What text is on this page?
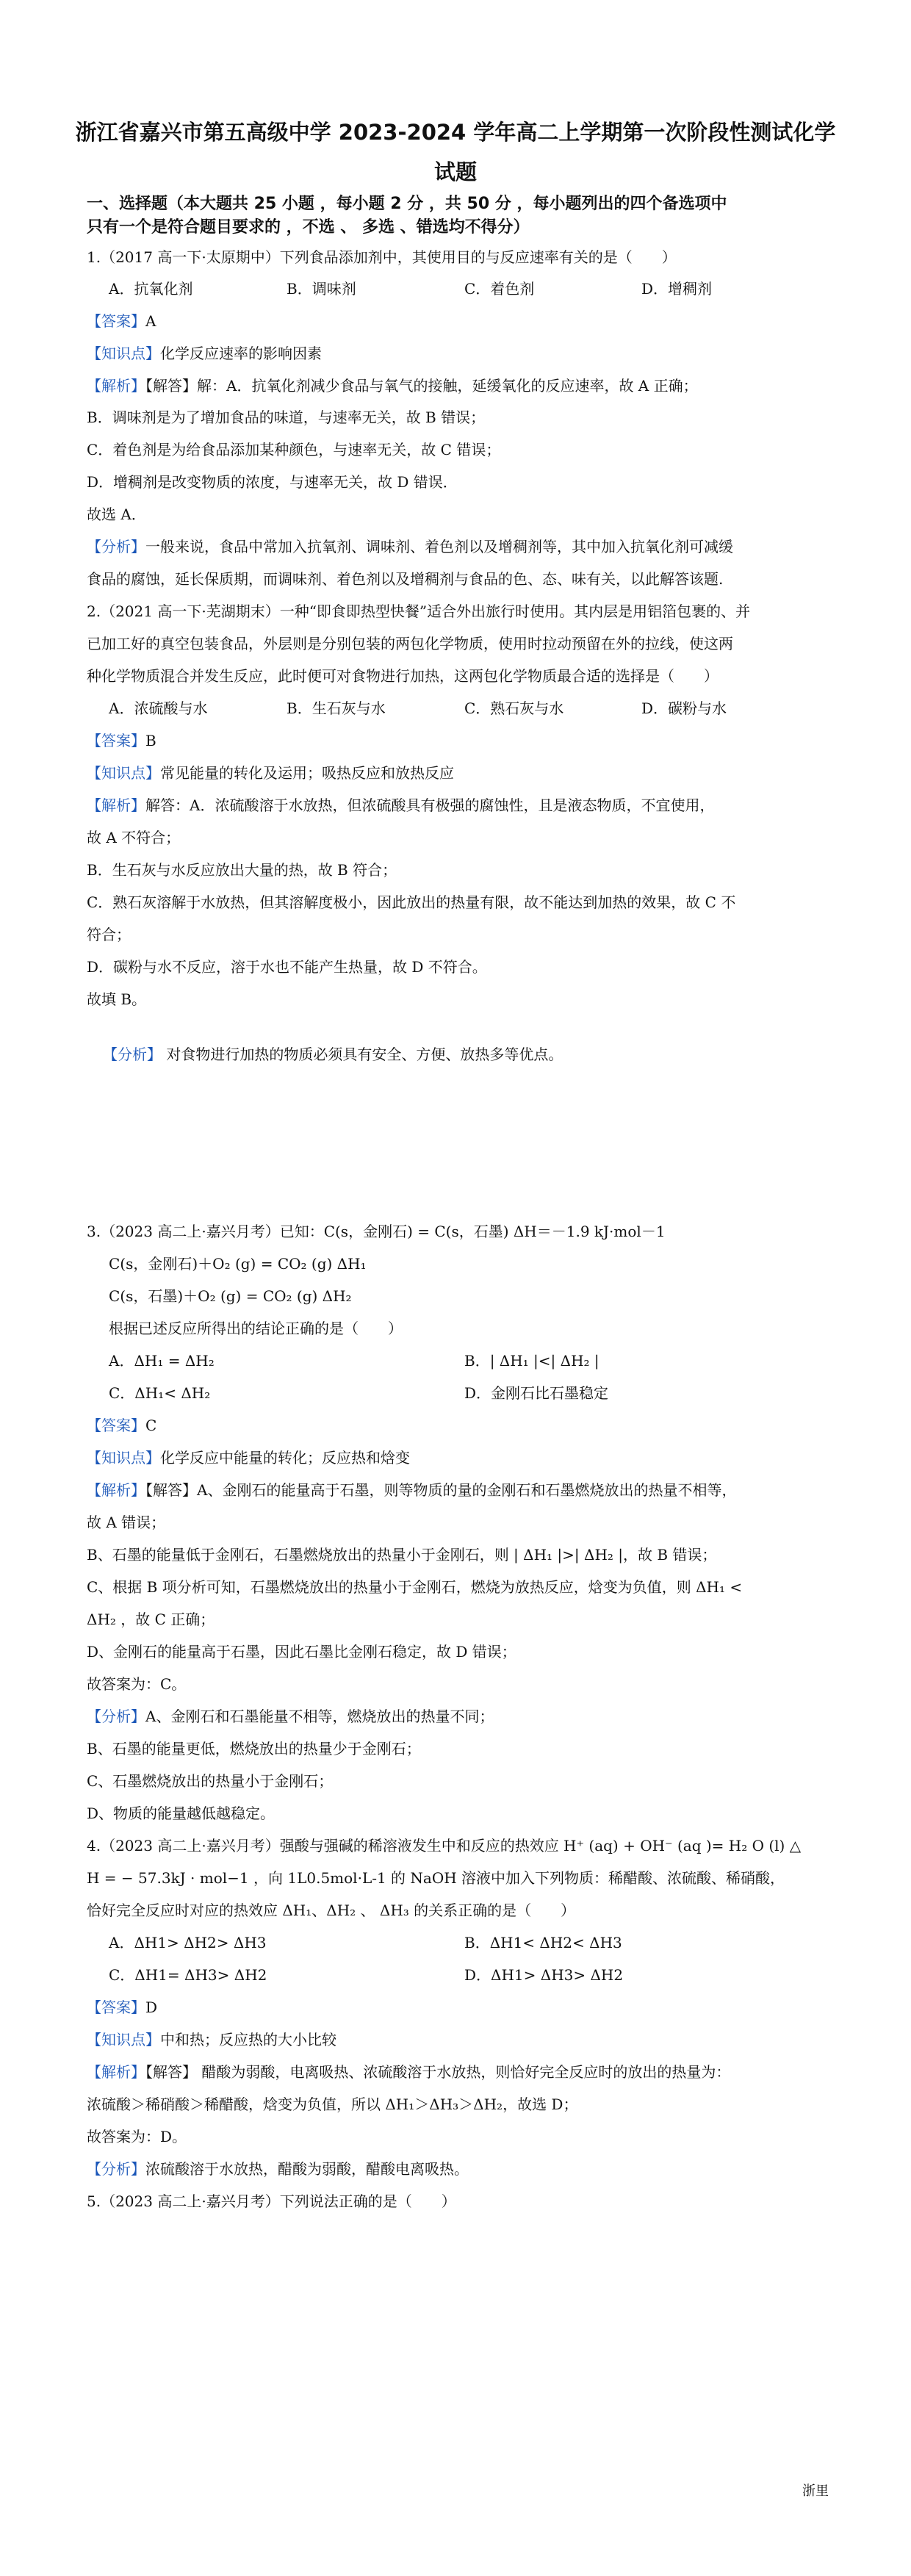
浙江省嘉兴市第五高级中学 2023-2024 学年高二上学期第一次阶段性测试化学
试题
一、选择题（本大题共 25 小题 ，每小题 2 分 ，共 50 分 ，每小题列出的四个备选项中
只有一个是符合题目要求的 ，不选 、 多选 、错选均不得分）
1.（2017 高一下·太原期中）下列食品添加剂中，其使用目的与反应速率有关的是（　　）
A．抗氧化剂	B．调味剂	C．着色剂	D．增稠剂
【答案】A
【知识点】化学反应速率的影响因素
【解析】【解答】解：A．抗氧化剂减少食品与氧气的接触，延缓氧化的反应速率，故 A 正确；
B．调味剂是为了增加食品的味道，与速率无关，故 B 错误；
C．着色剂是为给食品添加某种颜色，与速率无关，故 C 错误；
D．增稠剂是改变物质的浓度，与速率无关，故 D 错误．
故选 A．
【分析】一般来说，食品中常加入抗氧剂、调味剂、着色剂以及增稠剂等，其中加入抗氧化剂可减缓
食品的腐蚀，延长保质期，而调味剂、着色剂以及增稠剂与食品的色、态、味有关，以此解答该题.
2.（2021 高一下·芜湖期末）一种“即食即热型快餐”适合外出旅行时使用。其内层是用铝箔包裹的、并
已加工好的真空包装食品，外层则是分别包装的两包化学物质，使用时拉动预留在外的拉线，使这两
种化学物质混合并发生反应，此时便可对食物进行加热，这两包化学物质最合适的选择是（　　）
A．浓硫酸与水	B．生石灰与水	C．熟石灰与水	D．碳粉与水
【答案】B
【知识点】常见能量的转化及运用；吸热反应和放热反应
【解析】解答：A．浓硫酸溶于水放热，但浓硫酸具有极强的腐蚀性，且是液态物质，不宜使用，
故 A 不符合；
B．生石灰与水反应放出大量的热，故 B 符合；
C．熟石灰溶解于水放热，但其溶解度极小，因此放出的热量有限，故不能达到加热的效果，故 C 不
符合；
D．碳粉与水不反应，溶于水也不能产生热量，故 D 不符合。
故填 B。
【分析】 对食物进行加热的物质必须具有安全、方便、放热多等优点。
3.（2023 高二上·嘉兴月考）已知：C(s，金刚石) = C(s，石墨) ΔH＝－1.9 kJ·mol－1
C(s，金刚石)＋O₂ (g) = CO₂ (g) ΔH₁
C(s，石墨)＋O₂ (g) = CO₂ (g) ΔH₂
根据已述反应所得出的结论正确的是（　　）
A．ΔH₁ = ΔH₂	B．| ΔH₁ |<| ΔH₂ |
C．ΔH₁< ΔH₂	D．金刚石比石墨稳定
【答案】C
【知识点】化学反应中能量的转化；反应热和焓变
【解析】【解答】A、金刚石的能量高于石墨，则等物质的量的金刚石和石墨燃烧放出的热量不相等，
故 A 错误；
B、石墨的能量低于金刚石，石墨燃烧放出的热量小于金刚石，则 | ΔH₁ |>| ΔH₂ |，故 B 错误；
C、根据 B 项分析可知，石墨燃烧放出的热量小于金刚石，燃烧为放热反应，焓变为负值，则 ΔH₁ <
ΔH₂ ，故 C 正确；
D、金刚石的能量高于石墨，因此石墨比金刚石稳定，故 D 错误；
故答案为：C。
【分析】A、金刚石和石墨能量不相等，燃烧放出的热量不同；
B、石墨的能量更低，燃烧放出的热量少于金刚石；
C、石墨燃烧放出的热量小于金刚石；
D、物质的能量越低越稳定。
4.（2023 高二上·嘉兴月考）强酸与强碱的稀溶液发生中和反应的热效应 H⁺ (aq) + OH⁻ (aq )= H₂ O (l) △
H = − 57.3kJ · mol−1 ，向 1L0.5mol·L-1 的 NaOH 溶液中加入下列物质：稀醋酸、浓硫酸、稀硝酸，
恰好完全反应时对应的热效应 ΔH₁、ΔH₂ 、 ΔH₃ 的关系正确的是（　　）
A．ΔH1> ΔH2> ΔH3	B．ΔH1< ΔH2< ΔH3
C．ΔH1= ΔH3> ΔH2	D．ΔH1> ΔH3> ΔH2
【答案】D
【知识点】中和热；反应热的大小比较
【解析】【解答】 醋酸为弱酸，电离吸热、浓硫酸溶于水放热，则恰好完全反应时的放出的热量为：
浓硫酸＞稀硝酸＞稀醋酸，焓变为负值，所以 ΔH₁＞ΔH₃＞ΔH₂，故选 D；
故答案为：D。
【分析】浓硫酸溶于水放热，醋酸为弱酸，醋酸电离吸热。
5.（2023 高二上·嘉兴月考）下列说法正确的是（　　）
浙里
